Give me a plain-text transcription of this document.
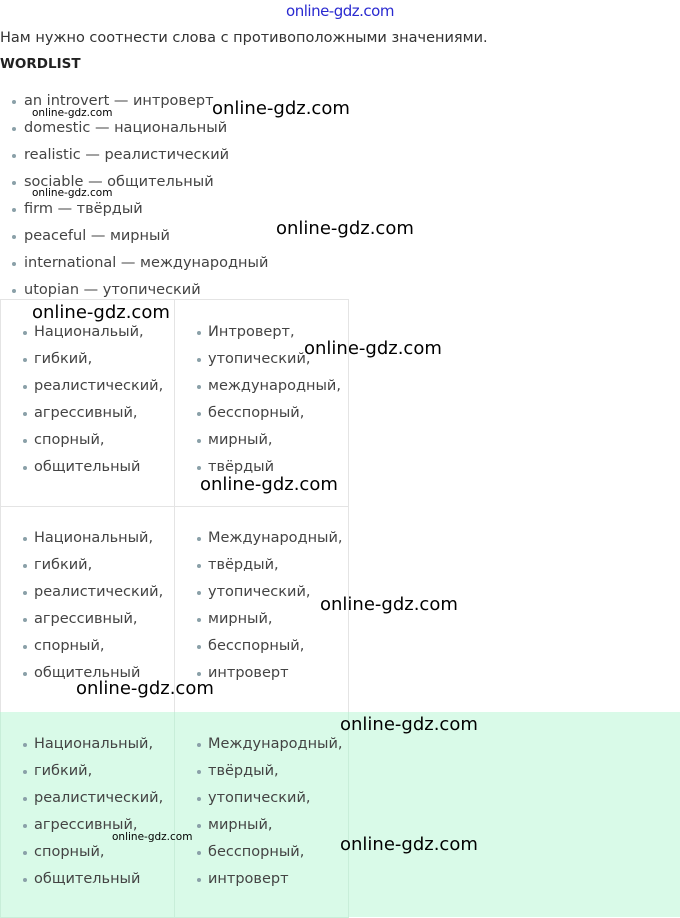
online-gdz.com
Нам нужно соотнести слова с противоположными значениями.
WORDLIST
an introvert — интроверт
domestic — национальный
realistic — реалистический
sociable — общительный
firm — твёрдый
peaceful — мирный
international — международный
utopian — утопический
Национальый,
гибкий,
реалистический,
агрессивный,
спорный,
общительный
Интроверт,
утопический,
международный,
бесспорный,
мирный,
твёрдый
Национальный,
гибкий,
реалистический,
агрессивный,
спорный,
общительный
Международный,
твёрдый,
утопический,
мирный,
бесспорный,
интроверт
Национальный,
гибкий,
реалистический,
агрессивный,
спорный,
общительный
Международный,
твёрдый,
утопический,
мирный,
бесспорный,
интроверт
online-gdz.com	online-gdz.com
online-gdz.com
online-gdz.com
online-gdz.com
online-gdz.com
online-gdz.com
online-gdz.com
online-gdz.com
online-gdz.com
online-gdz.com	online-gdz.com
